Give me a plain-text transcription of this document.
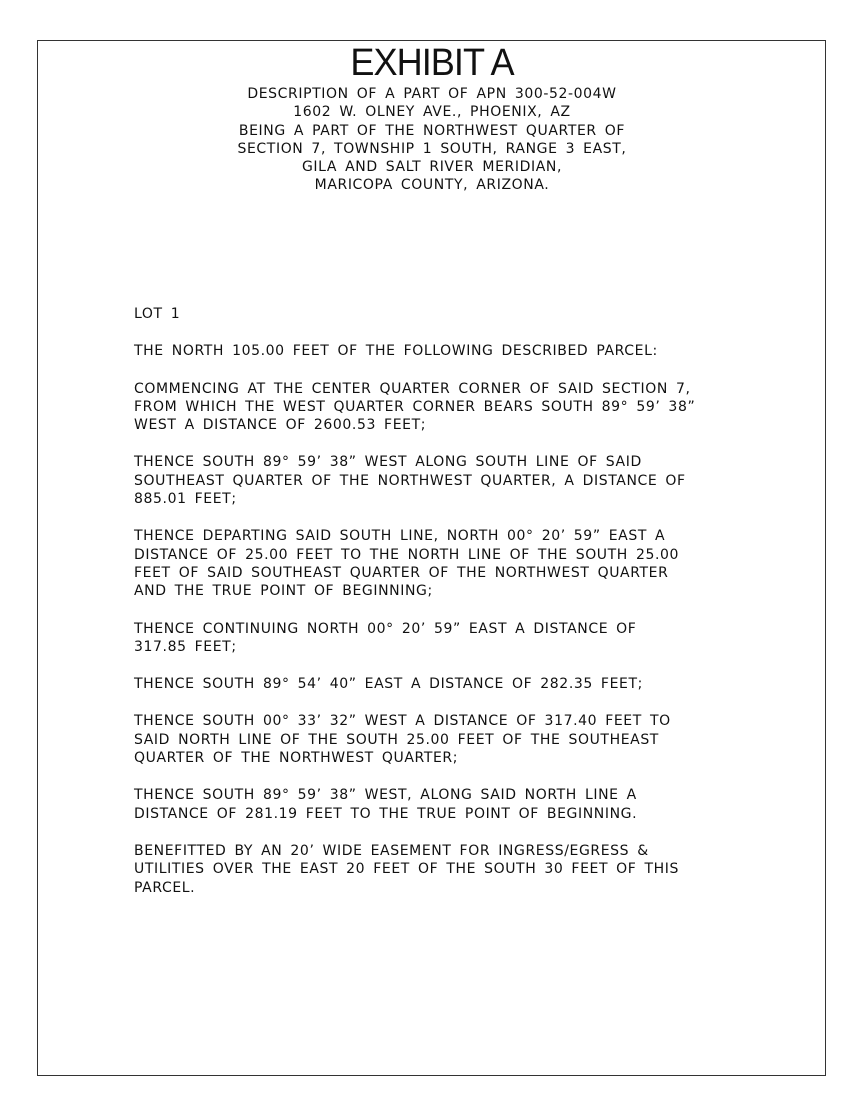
EXHIBIT A
DESCRIPTION OF A PART OF APN 300-52-004W
1602 W. OLNEY AVE., PHOENIX, AZ
BEING A PART OF THE NORTHWEST QUARTER OF
SECTION 7, TOWNSHIP 1 SOUTH, RANGE 3 EAST,
GILA AND SALT RIVER MERIDIAN,
MARICOPA COUNTY, ARIZONA.

LOT 1

THE NORTH 105.00 FEET OF THE FOLLOWING DESCRIBED PARCEL:

COMMENCING AT THE CENTER QUARTER CORNER OF SAID SECTION 7,
FROM WHICH THE WEST QUARTER CORNER BEARS SOUTH 89° 59’ 38”
WEST A DISTANCE OF 2600.53 FEET;

THENCE SOUTH 89° 59’ 38” WEST ALONG SOUTH LINE OF SAID
SOUTHEAST QUARTER OF THE NORTHWEST QUARTER, A DISTANCE OF
885.01 FEET;

THENCE DEPARTING SAID SOUTH LINE, NORTH 00° 20’ 59” EAST A
DISTANCE OF 25.00 FEET TO THE NORTH LINE OF THE SOUTH 25.00
FEET OF SAID SOUTHEAST QUARTER OF THE NORTHWEST QUARTER
AND THE TRUE POINT OF BEGINNING;

THENCE CONTINUING NORTH 00° 20’ 59” EAST A DISTANCE OF
317.85 FEET;

THENCE SOUTH 89° 54’ 40” EAST A DISTANCE OF 282.35 FEET;

THENCE SOUTH 00° 33’ 32” WEST A DISTANCE OF 317.40 FEET TO
SAID NORTH LINE OF THE SOUTH 25.00 FEET OF THE SOUTHEAST
QUARTER OF THE NORTHWEST QUARTER;

THENCE SOUTH 89° 59’ 38” WEST, ALONG SAID NORTH LINE A
DISTANCE OF 281.19 FEET TO THE TRUE POINT OF BEGINNING.

BENEFITTED BY AN 20’ WIDE EASEMENT FOR INGRESS/EGRESS &
UTILITIES OVER THE EAST 20 FEET OF THE SOUTH 30 FEET OF THIS
PARCEL.
